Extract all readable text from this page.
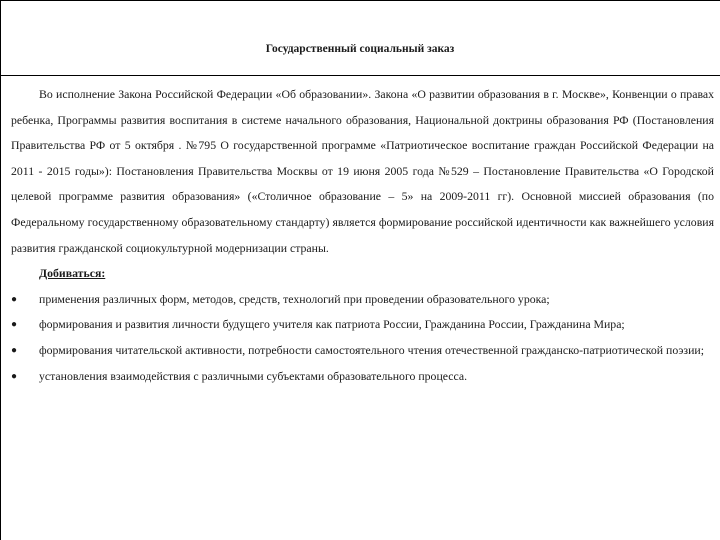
Государственный социальный заказ

Во исполнение Закона Российской Федерации «Об образовании». Закона «О развитии образования в г. Москве», Конвенции о правах ребенка, Программы развития воспитания в системе начального образования, Национальной доктрины образования РФ (Постановления Правительства РФ от 5 октября . №795 О государственной программе «Патриотическое воспитание граждан Российской Федерации на 2011 - 2015 годы»): Постановления Правительства Москвы от 19 июня 2005 года №529 – Постановление Правительства «О Городской целевой программе развития образования» («Столичное образование – 5» на 2009-2011 гг). Основной миссией образования (по Федеральному государственному образовательному стандарту) является формирование российской идентичности как важнейшего условия развития гражданской социокультурной модернизации страны.

Добиваться:

●	применения различных форм, методов, средств, технологий при проведении образовательного урока;
●	формирования и развития личности будущего учителя как патриота России, Гражданина России, Гражданина Мира;
●	формирования читательской активности, потребности самостоятельного чтения отечественной гражданско-патриотической поэзии;
●	установления взаимодействия с различными субъектами образовательного процесса.
